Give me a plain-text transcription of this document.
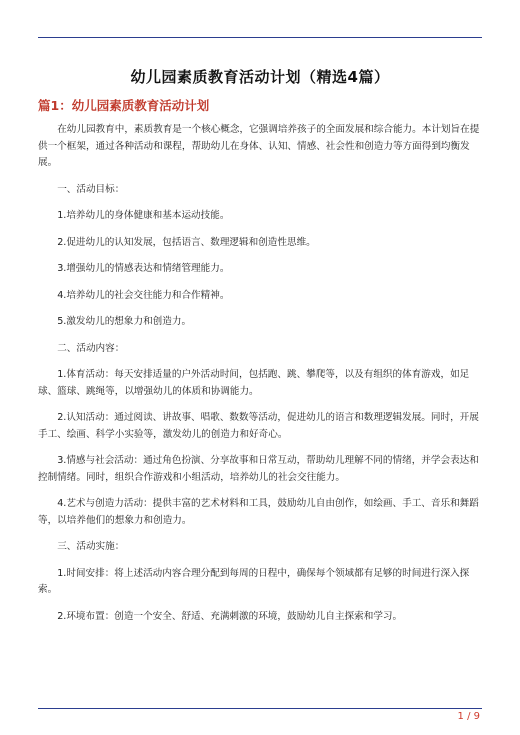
幼儿园素质教育活动计划（精选4篇）
篇1：幼儿园素质教育活动计划

在幼儿园教育中，素质教育是一个核心概念，它强调培养孩子的全面发展和综合能力。本计划旨在提供一个框架，通过各种活动和课程，帮助幼儿在身体、认知、情感、社会性和创造力等方面得到均衡发展。

一、活动目标：

1.培养幼儿的身体健康和基本运动技能。

2.促进幼儿的认知发展，包括语言、数理逻辑和创造性思维。

3.增强幼儿的情感表达和情绪管理能力。

4.培养幼儿的社会交往能力和合作精神。

5.激发幼儿的想象力和创造力。

二、活动内容：

1.体育活动：每天安排适量的户外活动时间，包括跑、跳、攀爬等，以及有组织的体育游戏，如足球、篮球、跳绳等，以增强幼儿的体质和协调能力。

2.认知活动：通过阅读、讲故事、唱歌、数数等活动，促进幼儿的语言和数理逻辑发展。同时，开展手工、绘画、科学小实验等，激发幼儿的创造力和好奇心。

3.情感与社会活动：通过角色扮演、分享故事和日常互动，帮助幼儿理解不同的情绪，并学会表达和控制情绪。同时，组织合作游戏和小组活动，培养幼儿的社会交往能力。

4.艺术与创造力活动：提供丰富的艺术材料和工具，鼓励幼儿自由创作，如绘画、手工、音乐和舞蹈等，以培养他们的想象力和创造力。

三、活动实施：

1.时间安排：将上述活动内容合理分配到每周的日程中，确保每个领域都有足够的时间进行深入探索。

2.环境布置：创造一个安全、舒适、充满刺激的环境，鼓励幼儿自主探索和学习。

1 / 9
